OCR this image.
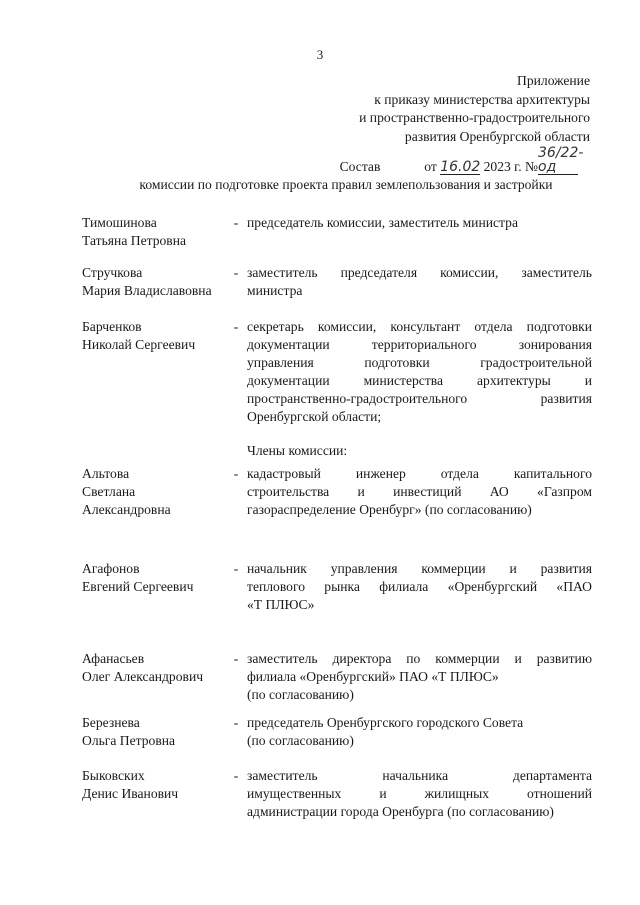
3
Приложение
к приказу министерства архитектуры
и пространственно-градостроительного
развития Оренбургской области
от 16.02 2023 г. №36/22-од
Состав
комиссии по подготовке проекта правил землепользования и застройки
Тимошинова
Татьяна Петровна
- председатель комиссии, заместитель министра
Стручкова
Мария Владиславовна
- заместитель председателя комиссии, заместитель
министра
Барченков
Николай Сергеевич
- секретарь комиссии, консультант отдела подготовки
документации территориального зонирования
управления подготовки градостроительной
документации министерства архитектуры и
пространственно-градостроительного развития
Оренбургской области;
Члены комиссии:
Альтова
Светлана
Александровна
- кадастровый инженер отдела капитального
строительства и инвестиций АО «Газпром
газораспределение Оренбург» (по согласованию)
Агафонов
Евгений Сергеевич
- начальник управления коммерции и развития
теплового рынка филиала «Оренбургский «ПАО
«Т ПЛЮС»
Афанасьев
Олег Александрович
- заместитель директора по коммерции и развитию
филиала «Оренбургский» ПАО «Т ПЛЮС»
(по согласованию)
Березнева
Ольга Петровна
- председатель Оренбургского городского Совета
(по согласованию)
Быковских
Денис Иванович
- заместитель начальника департамента
имущественных и жилищных отношений
администрации города Оренбурга (по согласованию)
